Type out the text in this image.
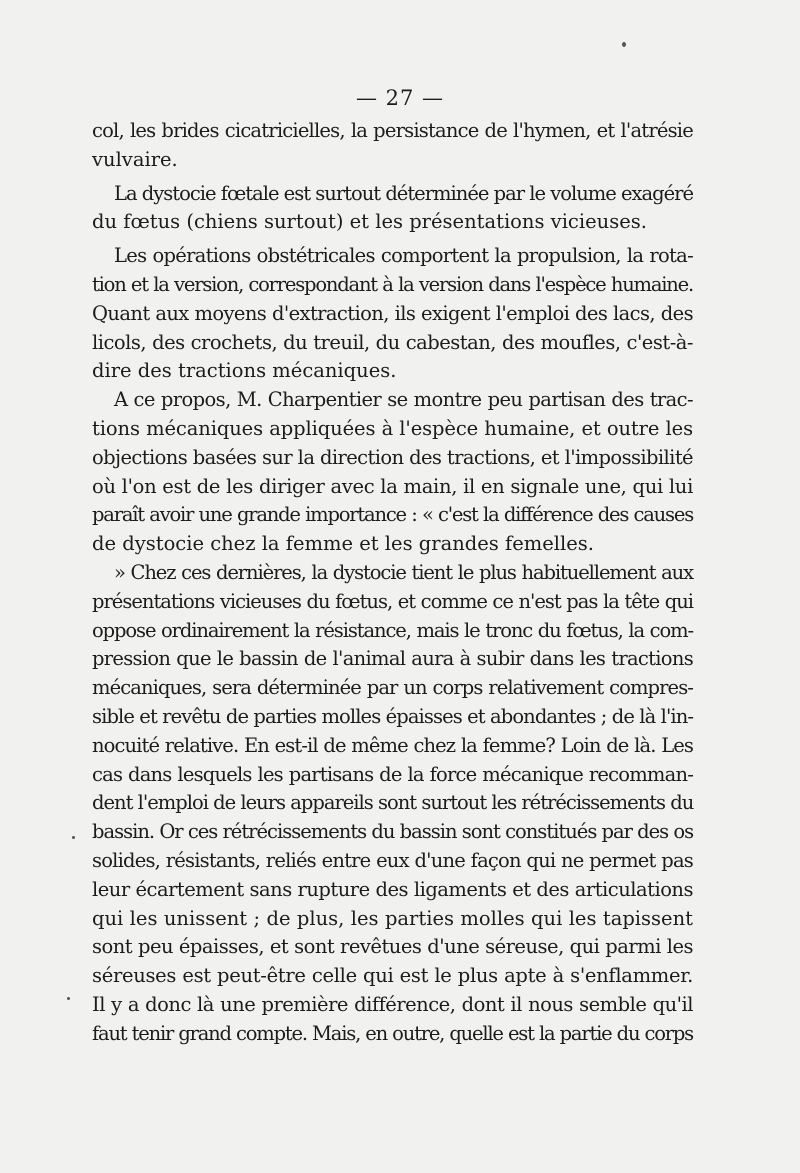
— 27 —
col, les brides cicatricielles, la persistance de l'hymen, et l'atrésie
vulvaire.
La dystocie fœtale est surtout déterminée par le volume exagéré
du fœtus (chiens surtout) et les présentations vicieuses.
Les opérations obstétricales comportent la propulsion, la rota-
tion et la version, correspondant à la version dans l'espèce humaine.
Quant aux moyens d'extraction, ils exigent l'emploi des lacs, des
licols, des crochets, du treuil, du cabestan, des moufles, c'est-à-
dire des tractions mécaniques.
A ce propos, M. Charpentier se montre peu partisan des trac-
tions mécaniques appliquées à l'espèce humaine, et outre les
objections basées sur la direction des tractions, et l'impossibilité
où l'on est de les diriger avec la main, il en signale une, qui lui
paraît avoir une grande importance : « c'est la différence des causes
de dystocie chez la femme et les grandes femelles.
» Chez ces dernières, la dystocie tient le plus habituellement aux
présentations vicieuses du fœtus, et comme ce n'est pas la tête qui
oppose ordinairement la résistance, mais le tronc du fœtus, la com-
pression que le bassin de l'animal aura à subir dans les tractions
mécaniques, sera déterminée par un corps relativement compres-
sible et revêtu de parties molles épaisses et abondantes ; de là l'in-
nocuité relative. En est-il de même chez la femme? Loin de là. Les
cas dans lesquels les partisans de la force mécanique recomman-
dent l'emploi de leurs appareils sont surtout les rétrécissements du
bassin. Or ces rétrécissements du bassin sont constitués par des os
solides, résistants, reliés entre eux d'une façon qui ne permet pas
leur écartement sans rupture des ligaments et des articulations
qui les unissent ; de plus, les parties molles qui les tapissent
sont peu épaisses, et sont revêtues d'une séreuse, qui parmi les
séreuses est peut-être celle qui est le plus apte à s'enflammer.
Il y a donc là une première différence, dont il nous semble qu'il
faut tenir grand compte. Mais, en outre, quelle est la partie du corps
